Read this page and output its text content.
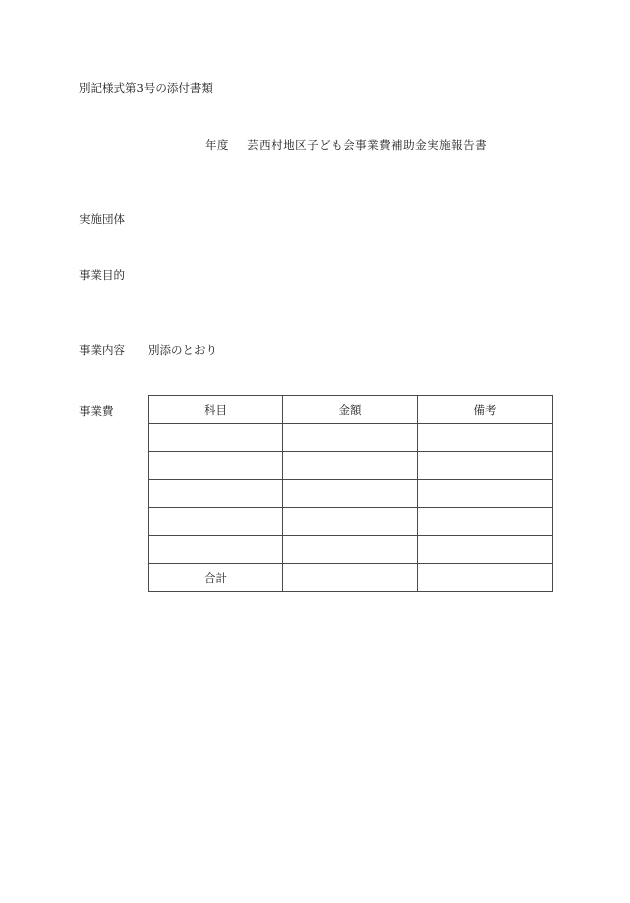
別記様式第3号の添付書類
年度 芸西村地区子ども会事業費補助金実施報告書
実施団体
事業目的
事業内容 別添のとおり
事業費	科目	金額	備考

合計		
